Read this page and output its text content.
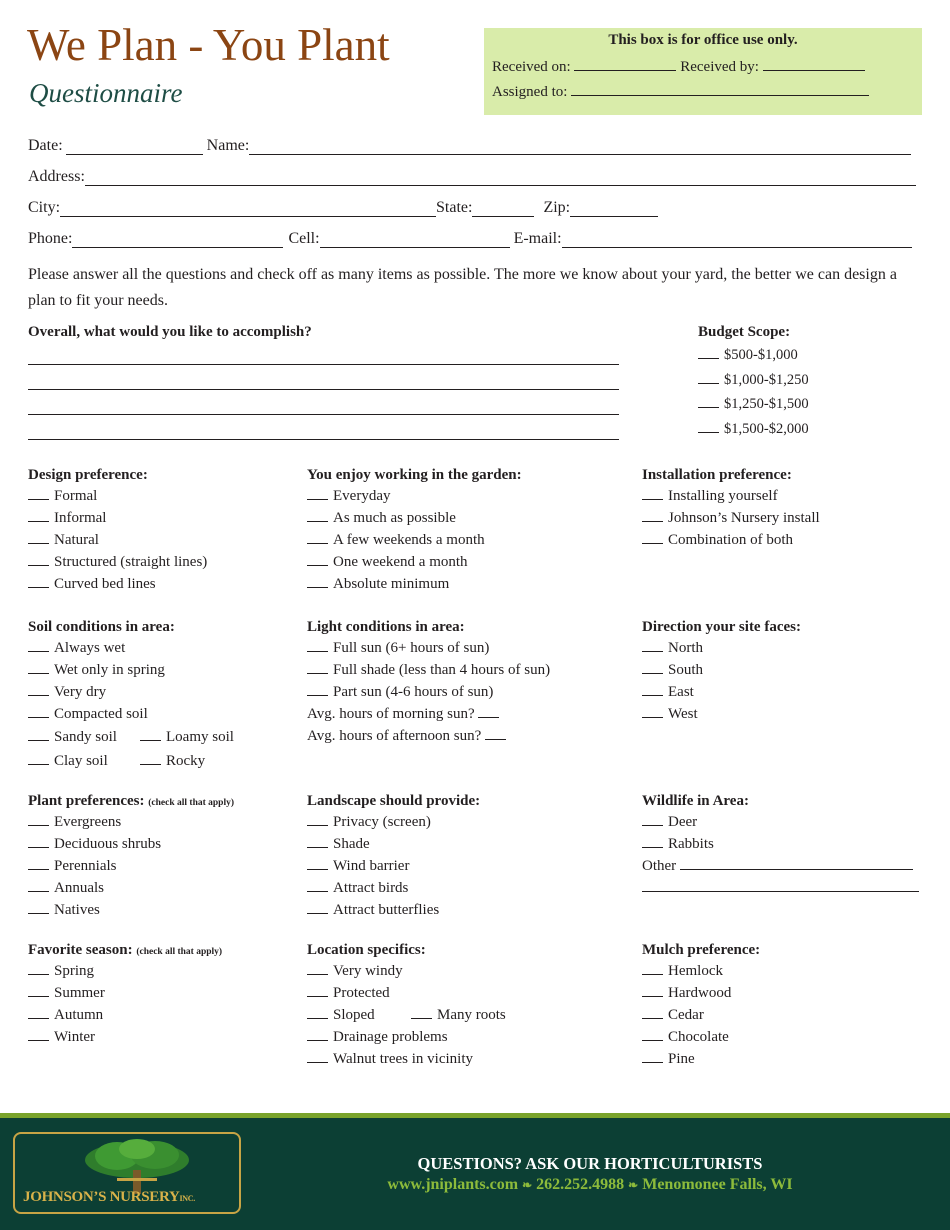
We Plan - You Plant
Questionnaire
This box is for office use only.
Received on:	Received by:
Assigned to:
Date:	Name:
Address:
City:	State:	Zip:
Phone:	Cell:	E-mail:
Please answer all the questions and check off as many items as possible. The more we know about your yard, the better we can design a plan to fit your needs.
Overall, what would you like to accomplish?	Budget Scope:
$500-$1,000
$1,000-$1,250
$1,250-$1,500
$1,500-$2,000
Design preference:
Formal
Informal
Natural
Structured (straight lines)
Curved bed lines
You enjoy working in the garden:
Everyday
As much as possible
A few weekends a month
One weekend a month
Absolute minimum
Installation preference:
Installing yourself
Johnson’s Nursery install
Combination of both
Soil conditions in area:
Always wet
Wet only in spring
Very dry
Compacted soil
Sandy soil	Loamy soil
Clay soil	Rocky
Light conditions in area:
Full sun (6+ hours of sun)
Full shade (less than 4 hours of sun)
Part sun (4-6 hours of sun)
Avg. hours of morning sun?
Avg. hours of afternoon sun?
Direction your site faces:
North
South
East
West
Plant preferences: (check all that apply)
Evergreens
Deciduous shrubs
Perennials
Annuals
Natives
Landscape should provide:
Privacy (screen)
Shade
Wind barrier
Attract birds
Attract butterflies
Wildlife in Area:
Deer
Rabbits
Other
Favorite season: (check all that apply)
Spring
Summer
Autumn
Winter
Location specifics:
Very windy
Protected
Sloped	Many roots
Drainage problems
Walnut trees in vicinity
Mulch preference:
Hemlock
Hardwood
Cedar
Chocolate
Pine
JOHNSON’S NURSERYINC.
QUESTIONS? ASK OUR HORTICULTURISTS
www.jniplants.com ❧ 262.252.4988 ❧ Menomonee Falls, WI
